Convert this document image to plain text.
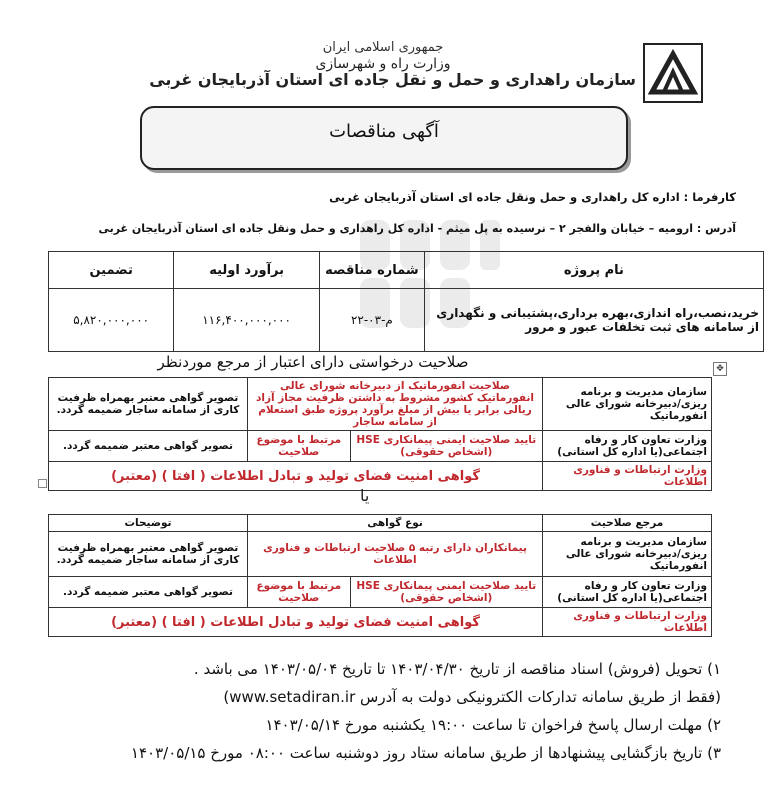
جمهوری اسلامی ایران
وزارت راه و شهرسازی
سازمان راهداری و حمل و نقل جاده ای استان آذربایجان غربی
آگهی مناقصات
کارفرما : اداره کل راهداری و حمل ونقل جاده ای استان آذربایجان غربی
آدرس : ارومیه – خیابان والفجر ۲ – نرسیده به پل میثم - اداره کل راهداری و حمل ونقل جاده ای استان آذربایجان غربی
نام پروژه	شماره مناقصه	برآورد اولیه	تضمین
خرید،نصب،راه اندازی،بهره برداری،پشتیبانی و نگهداری از سامانه های ثبت تخلفات عبور و مرور	۲۲-م-۰۳	۱۱۶,۴۰۰,۰۰۰,۰۰۰	۵,۸۲۰,۰۰۰,۰۰۰
صلاحیت درخواستی دارای اعتبار از مرجع موردنظر	✥
سازمان مدیریت و برنامه ریزی/دبیرخانه شورای عالی انفورماتیک	صلاحیت انفورماتیک از دبیرخانه شورای عالی انفورماتیک کشور مشروط به داشتن ظرفیت مجاز آزاد ریالی برابر یا بیش از مبلغ برآورد پروژه طبق استعلام از سامانه ساجار		تصویر گواهی معتبر بهمراه ظرفیت کاری از سامانه ساجار ضمیمه گردد.
وزارت تعاون کار و رفاه اجتماعی(یا اداره کل استانی)	تایید صلاحیت ایمنی پیمانکاری HSE (اشخاص حقوقی)	مرتبط با موضوع صلاحیت	تصویر گواهی معتبر ضمیمه گردد.
وزارت ارتباطات و فناوری اطلاعات	گواهی امنیت فضای تولید و تبادل اطلاعات ( افتا ) (معتبر)		
یا
مرجع صلاحیت	نوع گواهی		توضیحات
سازمان مدیریت و برنامه ریزی/دبیرخانه شورای عالی انفورماتیک	پیمانکاران دارای رتبه ۵ صلاحیت ارتباطات و فناوری اطلاعات		تصویر گواهی معتبر بهمراه ظرفیت کاری از سامانه ساجار ضمیمه گردد.
وزارت تعاون کار و رفاه اجتماعی(یا اداره کل استانی)	تایید صلاحیت ایمنی پیمانکاری HSE (اشخاص حقوقی)	مرتبط با موضوع صلاحیت	تصویر گواهی معتبر ضمیمه گردد.
وزارت ارتباطات و فناوری اطلاعات	گواهی امنیت فضای تولید و تبادل اطلاعات ( افتا ) (معتبر)		
۱) تحویل (فروش) اسناد مناقصه از تاریخ ۱۴۰۳/۰۴/۳۰ تا تاریخ ۱۴۰۳/۰۵/۰۴ می باشد .
(فقط از طریق سامانه تدارکات الکترونیکی دولت به آدرس www.setadiran.ir)
۲) مهلت ارسال پاسخ فراخوان تا ساعت ۱۹:۰۰ یکشنبه مورخ ۱۴۰۳/۰۵/۱۴
۳) تاریخ بازگشایی پیشنهادها از طریق سامانه ستاد روز دوشنبه ساعت ۰۸:۰۰ مورخ ۱۴۰۳/۰۵/۱۵
